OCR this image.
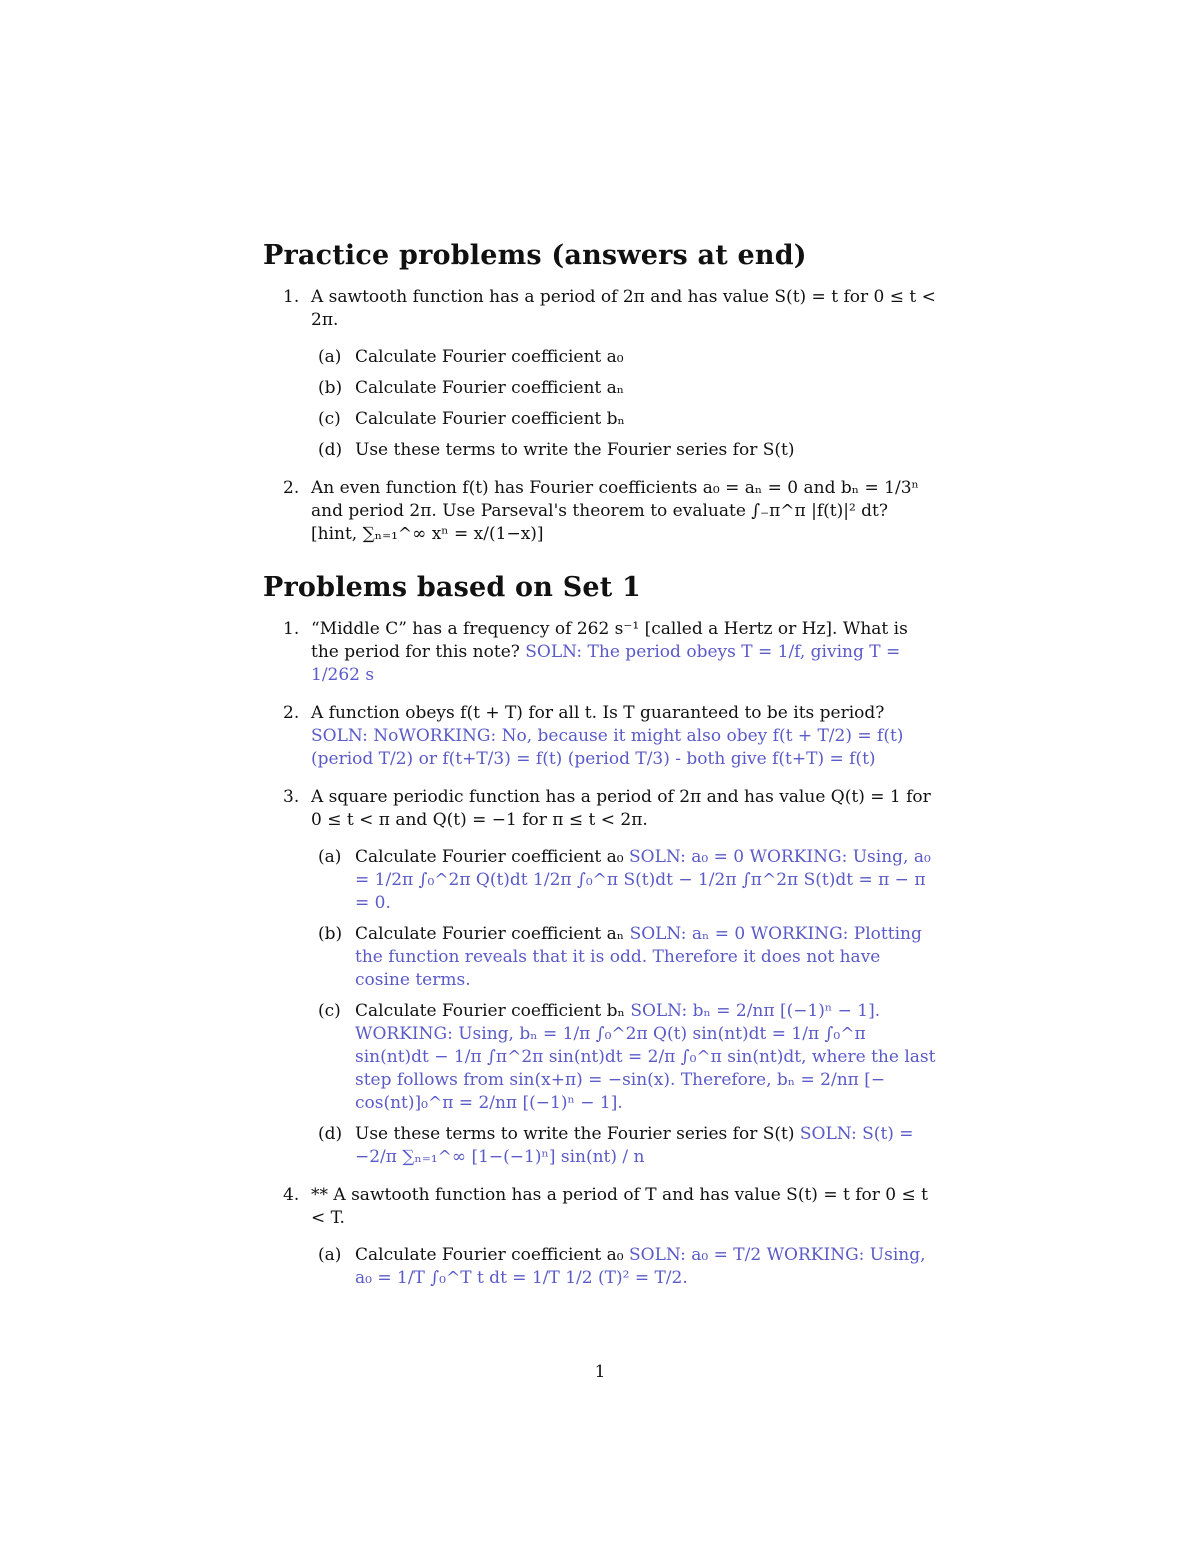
Practice problems (answers at end)
1. A sawtooth function has a period of 2π and has value S(t) = t for 0 ≤ t < 2π.
(a) Calculate Fourier coefficient a₀
(b) Calculate Fourier coefficient aₙ
(c) Calculate Fourier coefficient bₙ
(d) Use these terms to write the Fourier series for S(t)
2. An even function f(t) has Fourier coefficients a₀ = aₙ = 0 and bₙ = 1/3ⁿ and period 2π. Use Parseval's theorem to evaluate ∫₋π^π |f(t)|² dt? [hint, ∑ₙ₌₁^∞ xⁿ = x/(1−x)]
Problems based on Set 1
1. “Middle C” has a frequency of 262 s⁻¹ [called a Hertz or Hz]. What is the period for this note? SOLN: The period obeys T = 1/f, giving T = 1/262 s
2. A function obeys f(t + T) for all t. Is T guaranteed to be its period? SOLN: NoWORKING: No, because it might also obey f(t + T/2) = f(t) (period T/2) or f(t+T/3) = f(t) (period T/3) - both give f(t+T) = f(t)
3. A square periodic function has a period of 2π and has value Q(t) = 1 for 0 ≤ t < π and Q(t) = −1 for π ≤ t < 2π.
(a) Calculate Fourier coefficient a₀ SOLN: a₀ = 0 WORKING: Using, a₀ = 1/2π ∫₀^2π Q(t)dt 1/2π ∫₀^π S(t)dt − 1/2π ∫π^2π S(t)dt = π − π = 0.
(b) Calculate Fourier coefficient aₙ SOLN: aₙ = 0 WORKING: Plotting the function reveals that it is odd. Therefore it does not have cosine terms.
(c) Calculate Fourier coefficient bₙ SOLN: bₙ = 2/nπ [(−1)ⁿ − 1]. WORKING: Using, bₙ = 1/π ∫₀^2π Q(t) sin(nt)dt = 1/π ∫₀^π sin(nt)dt − 1/π ∫π^2π sin(nt)dt = 2/π ∫₀^π sin(nt)dt, where the last step follows from sin(x+π) = −sin(x). Therefore, bₙ = 2/nπ [− cos(nt)]₀^π = 2/nπ [(−1)ⁿ − 1].
(d) Use these terms to write the Fourier series for S(t) SOLN: S(t) = −2/π ∑ₙ₌₁^∞ [1−(−1)ⁿ] sin(nt) / n
4. ** A sawtooth function has a period of T and has value S(t) = t for 0 ≤ t < T.
(a) Calculate Fourier coefficient a₀ SOLN: a₀ = T/2 WORKING: Using, a₀ = 1/T ∫₀^T t dt = 1/T 1/2 (T)² = T/2.
1
